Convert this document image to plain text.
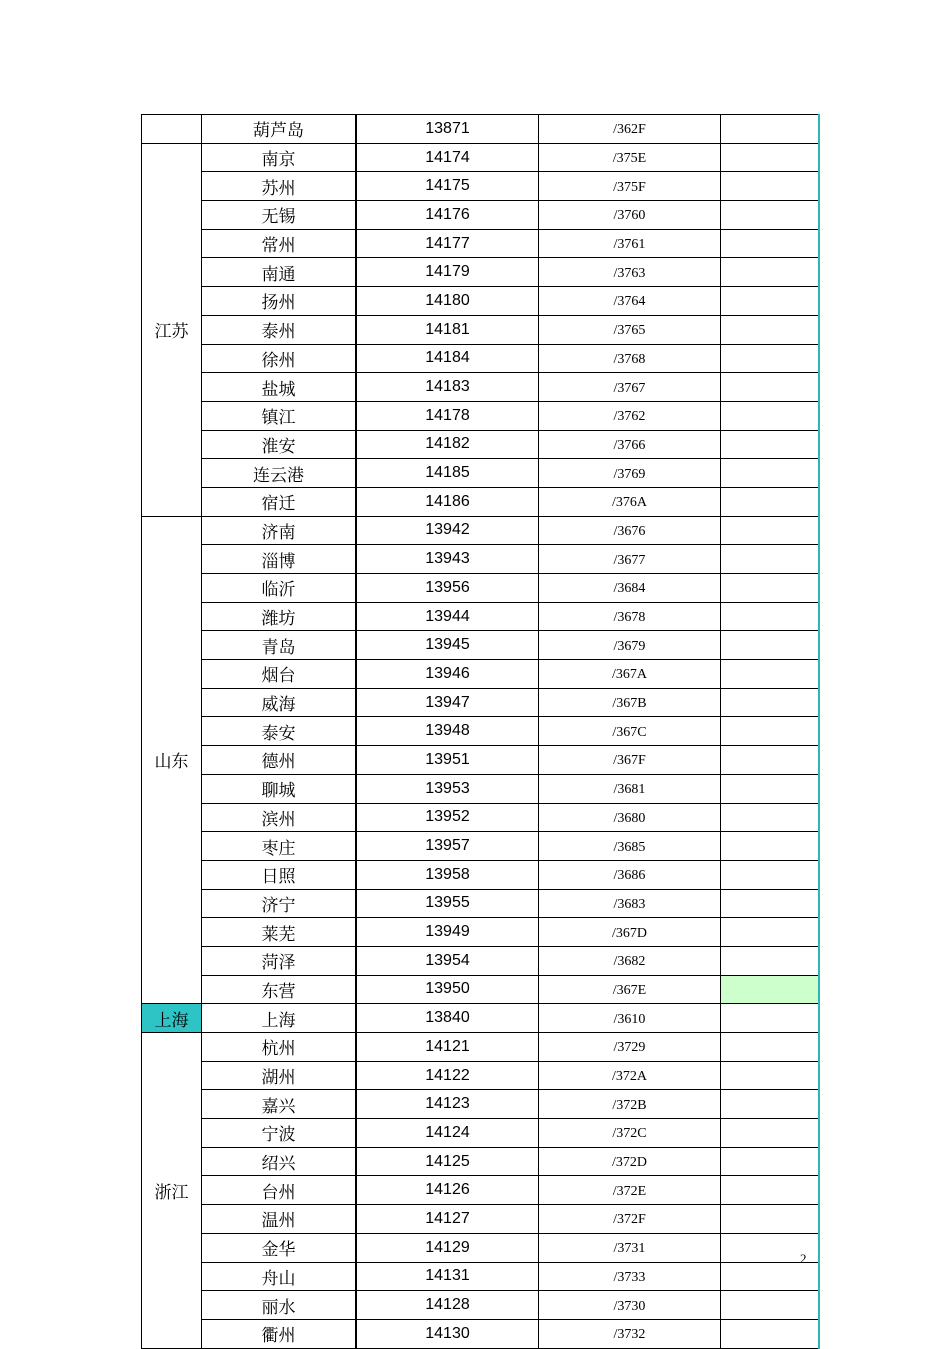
	葫芦岛	13871	/362F	
江苏	南京	14174	/375E	
	苏州	14175	/375F	
	无锡	14176	/3760	
	常州	14177	/3761	
	南通	14179	/3763	
	扬州	14180	/3764	
	泰州	14181	/3765	
	徐州	14184	/3768	
	盐城	14183	/3767	
	镇江	14178	/3762	
	淮安	14182	/3766	
	连云港	14185	/3769	
	宿迁	14186	/376A	
山东	济南	13942	/3676	
	淄博	13943	/3677	
	临沂	13956	/3684	
	潍坊	13944	/3678	
	青岛	13945	/3679	
	烟台	13946	/367A	
	威海	13947	/367B	
	泰安	13948	/367C	
	德州	13951	/367F	
	聊城	13953	/3681	
	滨州	13952	/3680	
	枣庄	13957	/3685	
	日照	13958	/3686	
	济宁	13955	/3683	
	莱芜	13949	/367D	
	菏泽	13954	/3682	
	东营	13950	/367E	
上海	上海	13840	/3610	
浙江	杭州	14121	/3729	
	湖州	14122	/372A	
	嘉兴	14123	/372B	
	宁波	14124	/372C	
	绍兴	14125	/372D	
	台州	14126	/372E	
	温州	14127	/372F	
	金华	14129	/3731	
	舟山	14131	/3733	
	丽水	14128	/3730	
	衢州	14130	/3732	
2
